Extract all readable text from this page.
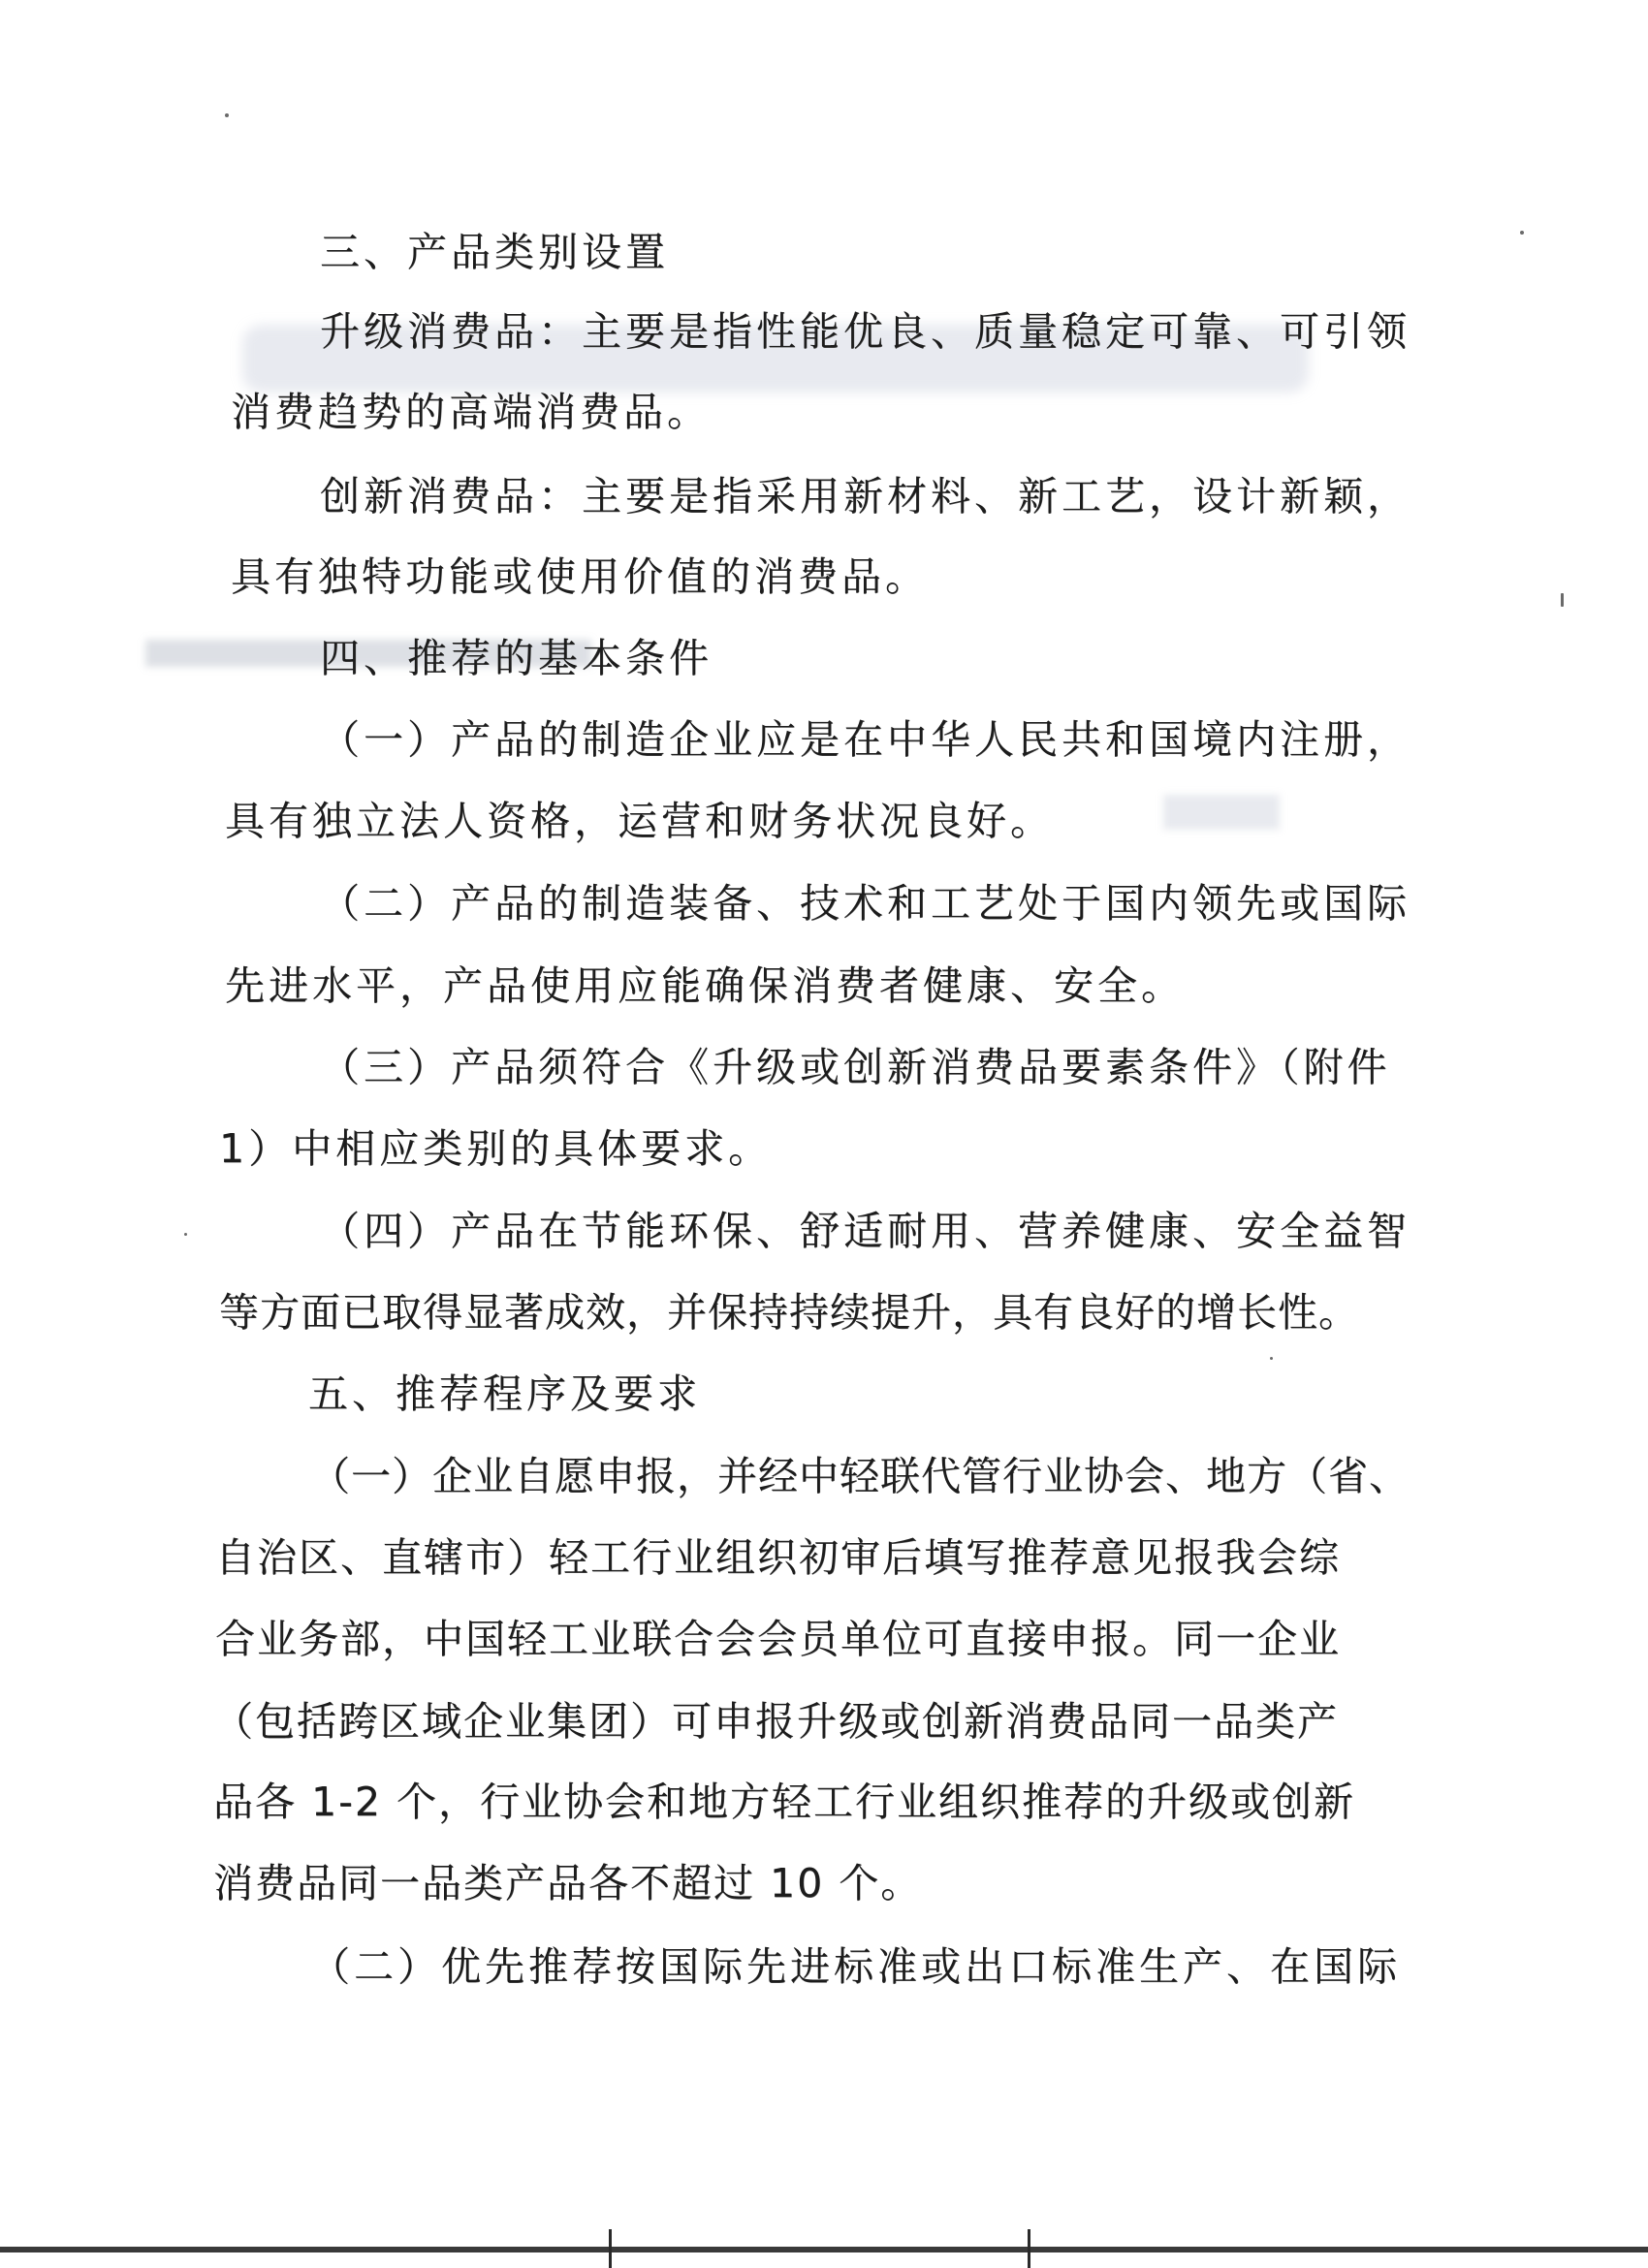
三、产品类别设置
升级消费品：主要是指性能优良、质量稳定可靠、可引领
消费趋势的高端消费品。
创新消费品：主要是指采用新材料、新工艺，设计新颖，
具有独特功能或使用价值的消费品。
四、推荐的基本条件
（一）产品的制造企业应是在中华人民共和国境内注册，
具有独立法人资格，运营和财务状况良好。
（二）产品的制造装备、技术和工艺处于国内领先或国际
先进水平，产品使用应能确保消费者健康、安全。
（三）产品须符合《升级或创新消费品要素条件》（附件
1）中相应类别的具体要求。
（四）产品在节能环保、舒适耐用、营养健康、安全益智
等方面已取得显著成效，并保持持续提升，具有良好的增长性。
五、推荐程序及要求
（一）企业自愿申报，并经中轻联代管行业协会、地方（省、
自治区、直辖市）轻工行业组织初审后填写推荐意见报我会综
合业务部，中国轻工业联合会会员单位可直接申报。同一企业
（包括跨区域企业集团）可申报升级或创新消费品同一品类产
品各 1-2 个，行业协会和地方轻工行业组织推荐的升级或创新
消费品同一品类产品各不超过 10 个。
（二）优先推荐按国际先进标准或出口标准生产、在国际
